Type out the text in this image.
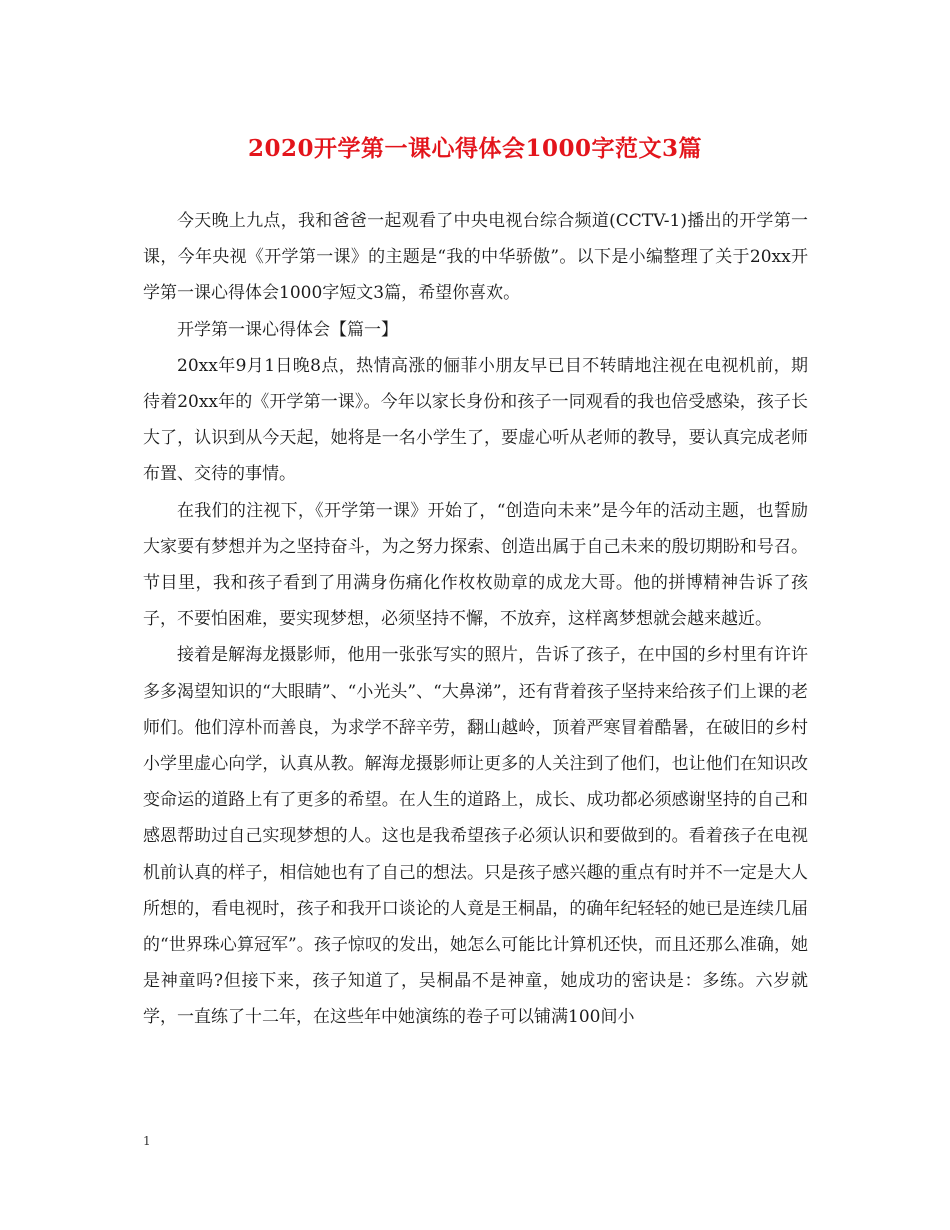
2020开学第一课心得体会1000字范文3篇

今天晚上九点，我和爸爸一起观看了中央电视台综合频道(CCTV-1)播出的开学第一课，今年央视《开学第一课》的主题是“我的中华骄傲”。以下是小编整理了关于20xx开学第一课心得体会1000字短文3篇，希望你喜欢。

开学第一课心得体会【篇一】

20xx年9月1日晚8点，热情高涨的俪菲小朋友早已目不转睛地注视在电视机前，期待着20xx年的《开学第一课》。今年以家长身份和孩子一同观看的我也倍受感染，孩子长大了，认识到从今天起，她将是一名小学生了，要虚心听从老师的教导，要认真完成老师布置、交待的事情。

在我们的注视下，《开学第一课》开始了，“创造向未来”是今年的活动主题，也誓励大家要有梦想并为之坚持奋斗，为之努力探索、创造出属于自己未来的殷切期盼和号召。节目里，我和孩子看到了用满身伤痛化作枚枚勋章的成龙大哥。他的拼博精神告诉了孩子，不要怕困难，要实现梦想，必须坚持不懈，不放弃，这样离梦想就会越来越近。

接着是解海龙摄影师，他用一张张写实的照片，告诉了孩子，在中国的乡村里有许许多多渴望知识的“大眼睛”、“小光头”、“大鼻涕”，还有背着孩子坚持来给孩子们上课的老师们。他们淳朴而善良，为求学不辞辛劳，翻山越岭，顶着严寒冒着酷暑，在破旧的乡村小学里虚心向学，认真从教。解海龙摄影师让更多的人关注到了他们，也让他们在知识改变命运的道路上有了更多的希望。在人生的道路上，成长、成功都必须感谢坚持的自己和感恩帮助过自己实现梦想的人。这也是我希望孩子必须认识和要做到的。看着孩子在电视机前认真的样子，相信她也有了自己的想法。只是孩子感兴趣的重点有时并不一定是大人所想的，看电视时，孩子和我开口谈论的人竟是王桐晶，的确年纪轻轻的她已是连续几届的“世界珠心算冠军”。孩子惊叹的发出，她怎么可能比计算机还快，而且还那么准确，她是神童吗?但接下来，孩子知道了，吴桐晶不是神童，她成功的密诀是：多练。六岁就学，一直练了十二年，在这些年中她演练的卷子可以铺满100间小

1
